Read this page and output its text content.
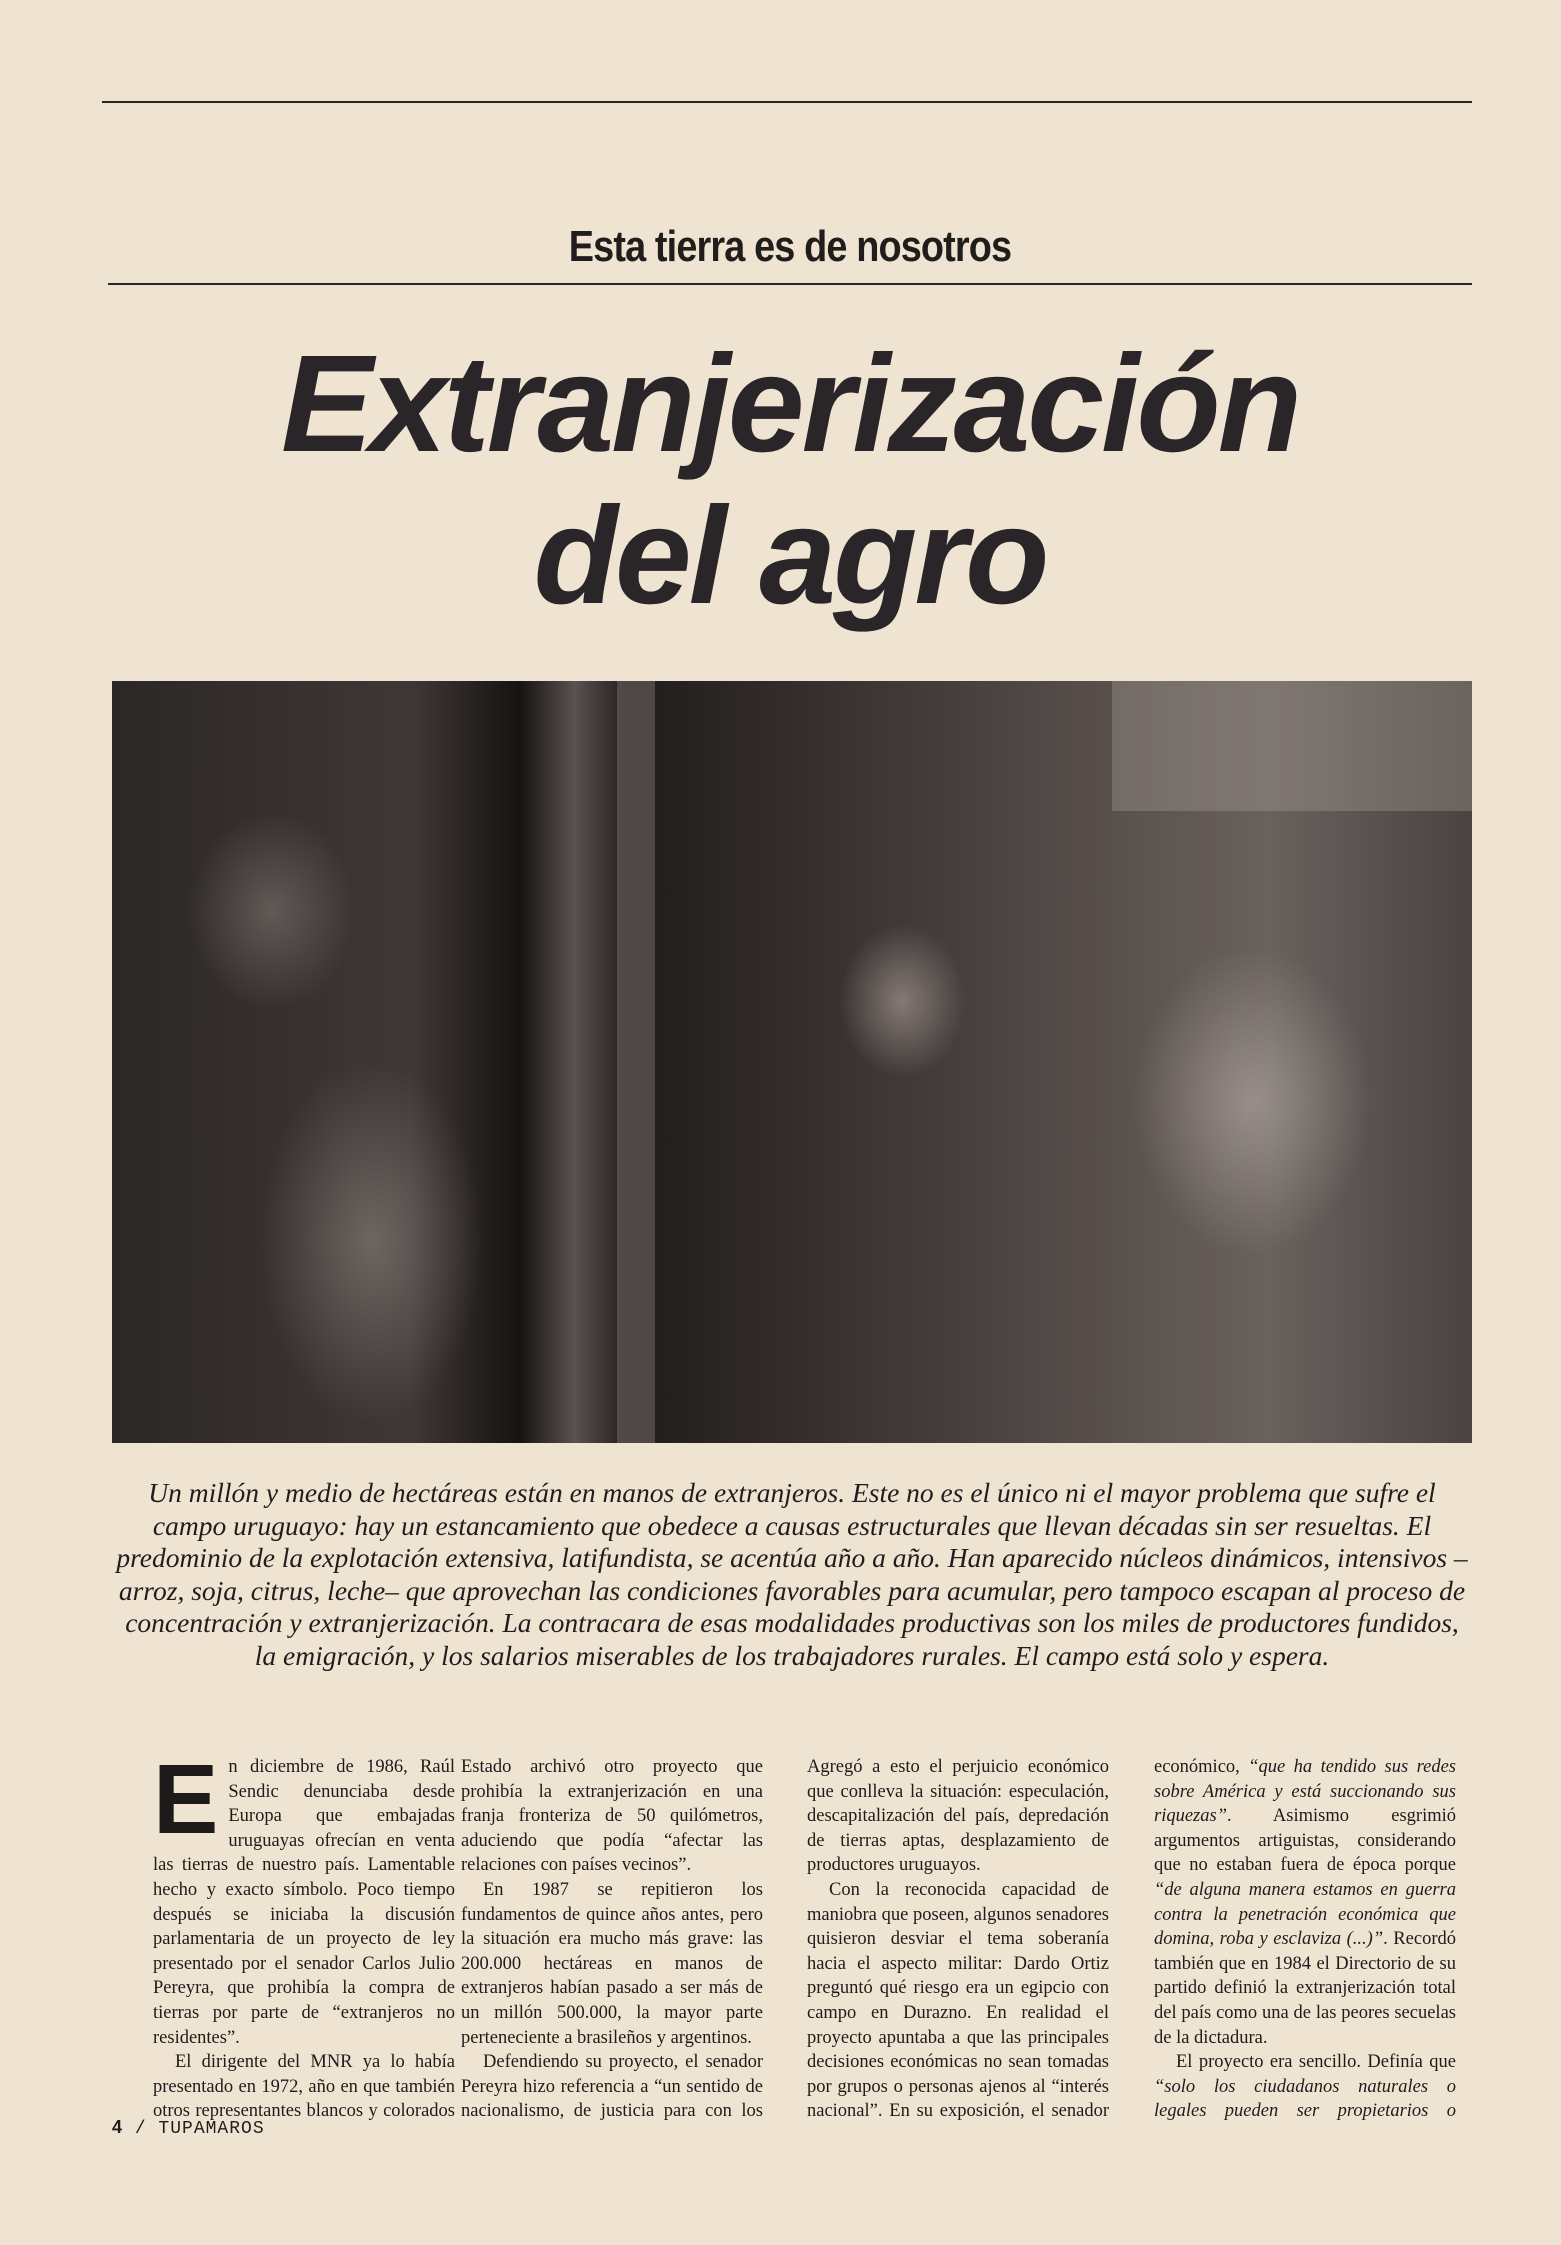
Esta tierra es de nosotros
Extranjerización
del agro
Un millón y medio de hectáreas están en manos de extranjeros. Este no es el único ni el mayor problema que sufre el campo uruguayo: hay un estancamiento que obedece a causas estructurales que llevan décadas sin ser resueltas. El predominio de la explotación extensiva, latifundista, se acentúa año a año. Han aparecido núcleos dinámicos, intensivos –arroz, soja, citrus, leche– que aprovechan las condiciones favorables para acumular, pero tampoco escapan al proceso de concentración y extranjerización. La contracara de esas modalidades productivas son los miles de productores fundidos, la emigración, y los salarios miserables de los trabajadores rurales. El campo está solo y espera.

En diciembre de 1986, Raúl Sendic denunciaba desde Europa que embajadas uruguayas ofrecían en venta las tierras de nuestro país. Lamentable hecho y exacto símbolo. Poco tiempo después se iniciaba la discusión parlamentaria de un proyecto de ley presentado por el senador Carlos Julio Pereyra, que prohibía la compra de tierras por parte de “extranjeros no residentes”.

El dirigente del MNR ya lo había presentado en 1972, año en que también otros representantes blancos y colorados

Estado archivó otro proyecto que prohibía la extranjerización en una franja fronteriza de 50 quilómetros, aduciendo que podía “afectar las relaciones con países vecinos”.

En 1987 se repitieron los fundamentos de quince años antes, pero la situación era mucho más grave: las 200.000 hectáreas en manos de extranjeros habían pasado a ser más de un millón 500.000, la mayor parte perteneciente a brasileños y argentinos.

Defendiendo su proyecto, el senador Pereyra hizo referencia a “un sentido de nacionalismo, de justicia para con los

Agregó a esto el perjuicio económico que conlleva la situación: especulación, descapitalización del país, depredación de tierras aptas, desplazamiento de productores uruguayos.

Con la reconocida capacidad de maniobra que poseen, algunos senadores quisieron desviar el tema soberanía hacia el aspecto militar: Dardo Ortiz preguntó qué riesgo era un egipcio con campo en Durazno. En realidad el proyecto apuntaba a que las principales decisiones económicas no sean tomadas por grupos o personas ajenos al “interés nacional”. En su exposición, el senador

económico, “que ha tendido sus redes sobre América y está succionando sus riquezas”. Asimismo esgrimió argumentos artiguistas, considerando que no estaban fuera de época porque “de alguna manera estamos en guerra contra la penetración económica que domina, roba y esclaviza (...)”. Recordó también que en 1984 el Directorio de su partido definió la extranjerización total del país como una de las peores secuelas de la dictadura.

El proyecto era sencillo. Definía que “solo los ciudadanos naturales o legales pueden ser propietarios o

4 / TUPAMAROS
